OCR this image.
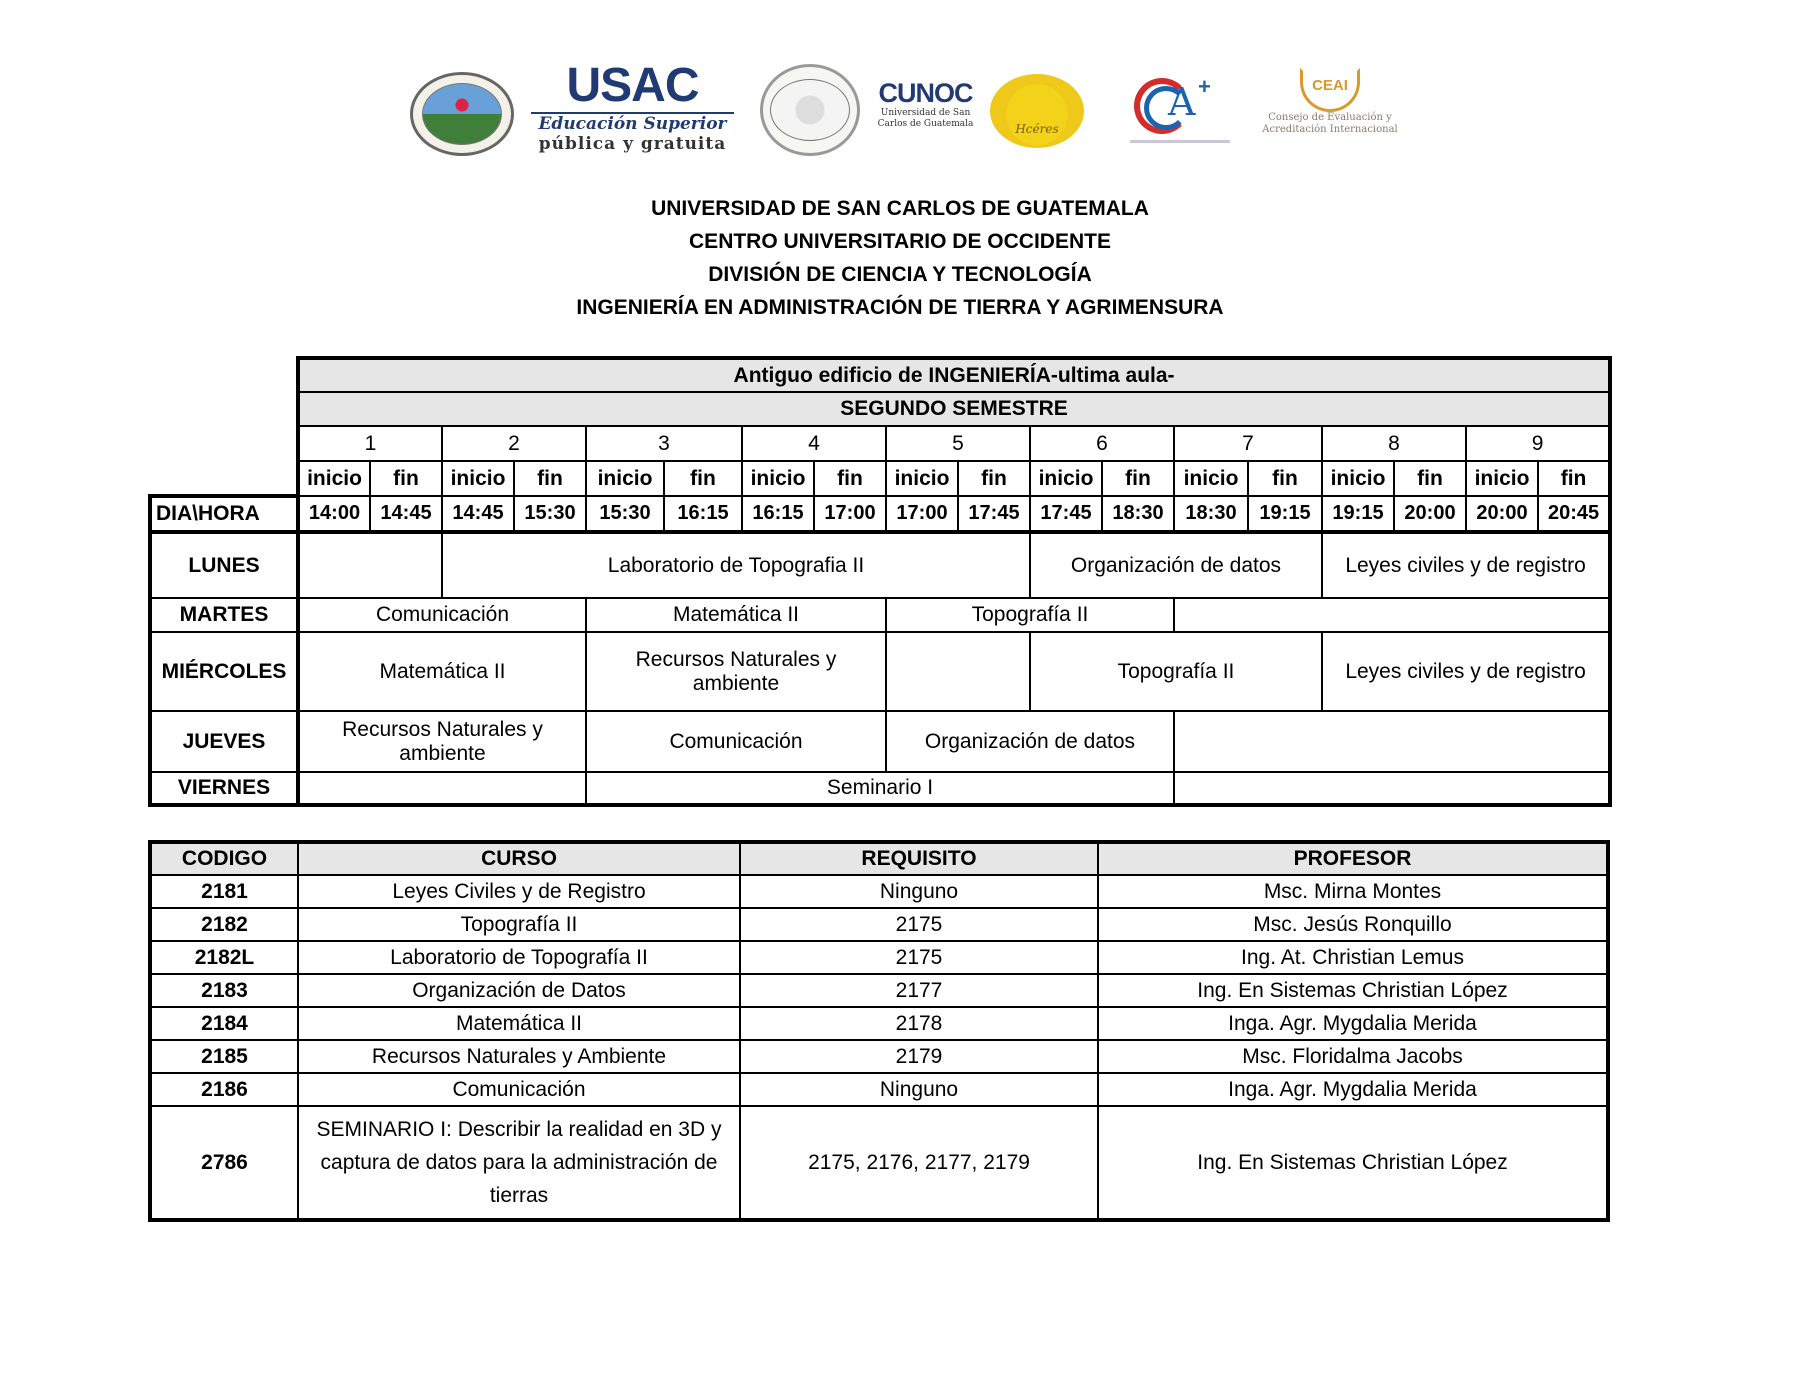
USAC
Educación Superior
pública y gratuita
CUNOC
Universidad de San
Carlos de Guatemala	Hcéres
A +	CEAI
Consejo de Evaluación y
Acreditación Internacional
UNIVERSIDAD DE SAN CARLOS DE GUATEMALA
CENTRO UNIVERSITARIO DE OCCIDENTE
DIVISIÓN DE CIENCIA Y TECNOLOGÍA
INGENIERÍA EN ADMINISTRACIÓN DE TIERRA Y AGRIMENSURA
	Antiguo edificio de INGENIERÍA-ultima aula-																	
	SEGUNDO SEMESTRE																	
	1		2		3		4		5		6		7		8		9	
	inicio	fin	inicio	fin	inicio	fin	inicio	fin	inicio	fin	inicio	fin	inicio	fin	inicio	fin	inicio	fin
DIA\HORA	14:00	14:45	14:45	15:30	15:30	16:15	16:15	17:00	17:00	17:45	17:45	18:30	18:30	19:15	19:15	20:00	20:00	20:45
LUNES			Laboratorio de Topografia II								Organización de datos				Leyes civiles y de registro			
MARTES	Comunicación				Matemática II				Topografía II									
MIÉRCOLES	Matemática II				Recursos Naturales y ambiente						Topografía II				Leyes civiles y de registro			
JUEVES	Recursos Naturales y ambiente				Comunicación				Organización de datos									
VIERNES					Seminario I													
CODIGO	CURSO	REQUISITO	PROFESOR
2181	Leyes Civiles y de Registro	Ninguno	Msc. Mirna Montes
2182	Topografía II	2175	Msc. Jesús Ronquillo
2182L	Laboratorio de Topografía II	2175	Ing. At. Christian Lemus
2183	Organización de Datos	2177	Ing. En Sistemas Christian López
2184	Matemática II	2178	Inga. Agr. Mygdalia Merida
2185	Recursos Naturales y Ambiente	2179	Msc. Floridalma Jacobs
2186	Comunicación	Ninguno	Inga. Agr. Mygdalia Merida
2786	SEMINARIO I: Describir la realidad en 3D y captura de datos para la administración de tierras	2175, 2176, 2177, 2179	Ing. En Sistemas Christian López
